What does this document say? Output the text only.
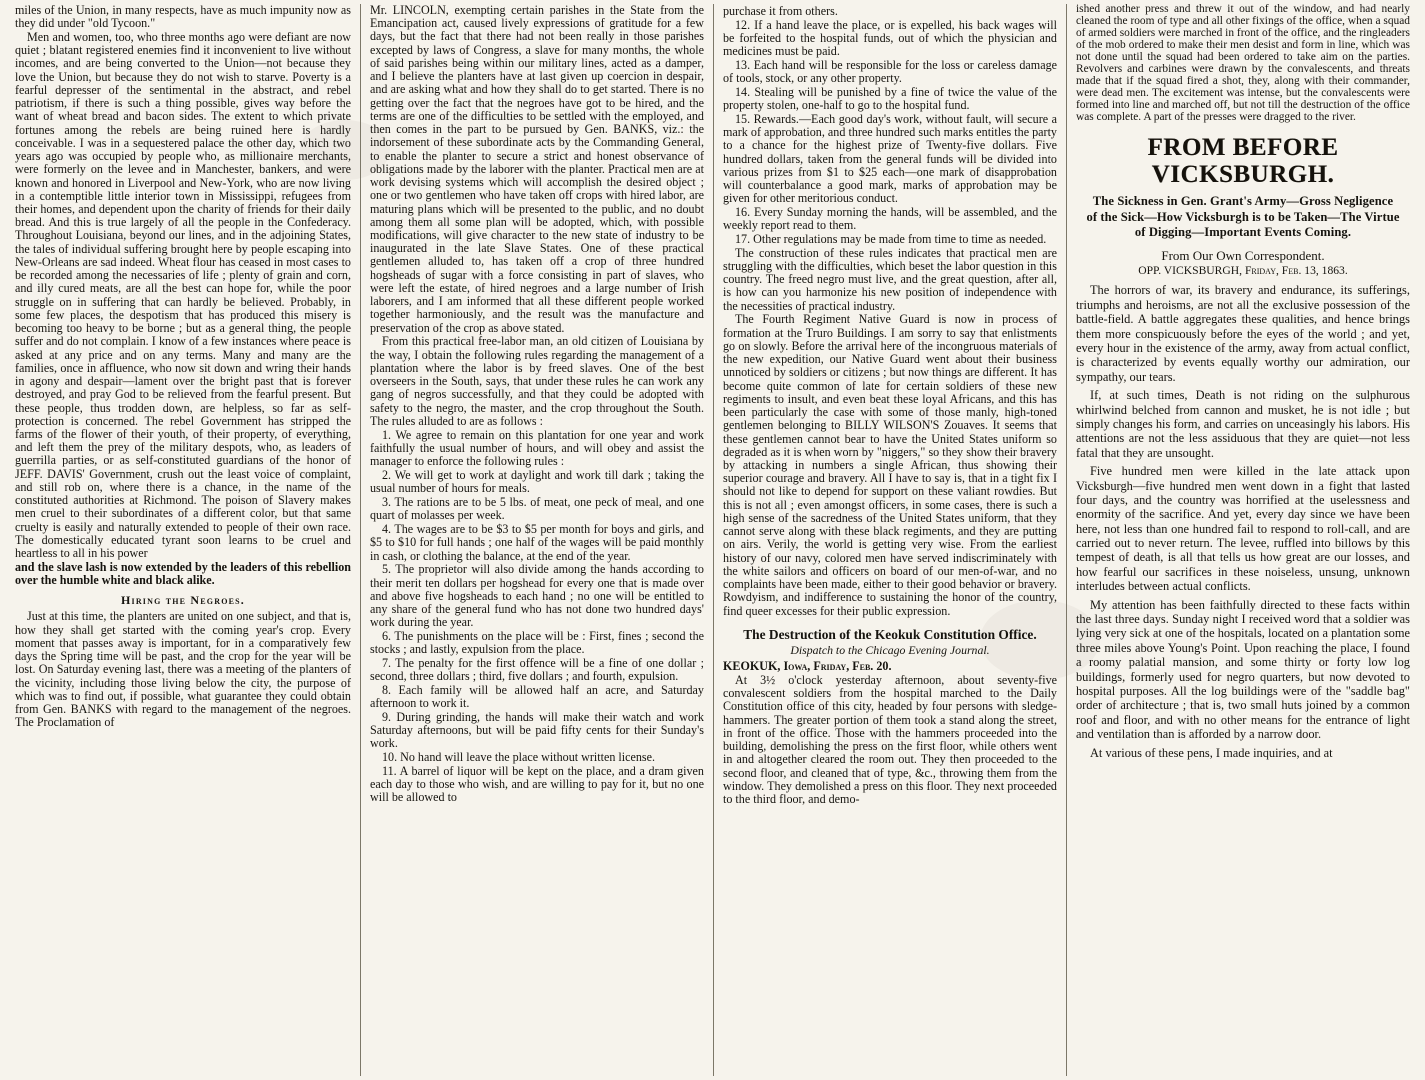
miles of the Union, in many respects, have as much impunity now as they did under "old Tycoon."

Men and women, too, who three months ago were defiant are now quiet ; blatant registered enemies find it inconvenient to live without incomes, and are being converted to the Union—not because they love the Union, but because they do not wish to starve. Poverty is a fearful depresser of the sentimental in the abstract, and rebel patriotism, if there is such a thing possible, gives way before the want of wheat bread and bacon sides. The extent to which private fortunes among the rebels are being ruined here is hardly conceivable. I was in a sequestered palace the other day, which two years ago was occupied by people who, as millionaire merchants, were formerly on the levee and in Manchester, bankers, and were known and honored in Liverpool and New-York, who are now living in a contemptible little interior town in Mississippi, refugees from their homes, and dependent upon the charity of friends for their daily bread. And this is true largely of all the people in the Confederacy. Throughout Louisiana, beyond our lines, and in the adjoining States, the tales of individual suffering brought here by people escaping into New-Orleans are sad indeed. Wheat flour has ceased in most cases to be recorded among the necessaries of life ; plenty of grain and corn, and illy cured meats, are all the best can hope for, while the poor struggle on in suffering that can hardly be believed. Probably, in some few places, the despotism that has produced this misery is becoming too heavy to be borne ; but as a general thing, the people suffer and do not complain. I know of a few instances where peace is asked at any price and on any terms. Many and many are the families, once in affluence, who now sit down and wring their hands in agony and despair—lament over the bright past that is forever destroyed, and pray God to be relieved from the fearful present. But these people, thus trodden down, are helpless, so far as self-protection is concerned. The rebel Government has stripped the farms of the flower of their youth, of their property, of everything, and left them the prey of the military despots, who, as leaders of guerrilla parties, or as self-constituted guardians of the honor of JEFF. DAVIS' Government, crush out the least voice of complaint, and still rob on, where there is a chance, in the name of the constituted authorities at Richmond. The poison of Slavery makes men cruel to their subordinates of a different color, but that same cruelty is easily and naturally extended to people of their own race. The domestically educated tyrant soon learns to be cruel and heartless to all in his power

and the slave lash is now extended by the leaders of this rebellion over the humble white and black alike.

Hiring the Negroes.

Just at this time, the planters are united on one subject, and that is, how they shall get started with the coming year's crop. Every moment that passes away is important, for in a comparatively few days the Spring time will be past, and the crop for the year will be lost. On Saturday evening last, there was a meeting of the planters of the vicinity, including those living below the city, the purpose of which was to find out, if possible, what guarantee they could obtain from Gen. BANKS with regard to the management of the negroes. The Proclamation of

Mr. LINCOLN, exempting certain parishes in the State from the Emancipation act, caused lively expressions of gratitude for a few days, but the fact that there had not been really in those parishes excepted by laws of Congress, a slave for many months, the whole of said parishes being within our military lines, acted as a damper, and I believe the planters have at last given up coercion in despair, and are asking what and how they shall do to get started. There is no getting over the fact that the negroes have got to be hired, and the terms are one of the difficulties to be settled with the employed, and then comes in the part to be pursued by Gen. BANKS, viz.: the indorsement of these subordinate acts by the Commanding General, to enable the planter to secure a strict and honest observance of obligations made by the laborer with the planter. Practical men are at work devising systems which will accomplish the desired object ; one or two gentlemen who have taken off crops with hired labor, are maturing plans which will be presented to the public, and no doubt among them all some plan will be adopted, which, with possible modifications, will give character to the new state of industry to be inaugurated in the late Slave States. One of these practical gentlemen alluded to, has taken off a crop of three hundred hogsheads of sugar with a force consisting in part of slaves, who were left the estate, of hired negroes and a large number of Irish laborers, and I am informed that all these different people worked together harmoniously, and the result was the manufacture and preservation of the crop as above stated.

From this practical free-labor man, an old citizen of Louisiana by the way, I obtain the following rules regarding the management of a plantation where the labor is by freed slaves. One of the best overseers in the South, says, that under these rules he can work any gang of negros successfully, and that they could be adopted with safety to the negro, the master, and the crop throughout the South. The rules alluded to are as follows :

1. We agree to remain on this plantation for one year and work faithfully the usual number of hours, and will obey and assist the manager to enforce the following rules :
2. We will get to work at daylight and work till dark ; taking the usual number of hours for meals.
3. The rations are to be 5 lbs. of meat, one peck of meal, and one quart of molasses per week.
4. The wages are to be $3 to $5 per month for boys and girls, and $5 to $10 for full hands ; one half of the wages will be paid monthly in cash, or clothing the balance, at the end of the year.
5. The proprietor will also divide among the hands according to their merit ten dollars per hogshead for every one that is made over and above five hogsheads to each hand ; no one will be entitled to any share of the general fund who has not done two hundred days' work during the year.
6. The punishments on the place will be : First, fines ; second the stocks ; and lastly, expulsion from the place.
7. The penalty for the first offence will be a fine of one dollar ; second, three dollars ; third, five dollars ; and fourth, expulsion.
8. Each family will be allowed half an acre, and Saturday afternoon to work it.
9. During grinding, the hands will make their watch and work Saturday afternoons, but will be paid fifty cents for their Sunday's work.
10. No hand will leave the place without written license.
11. A barrel of liquor will be kept on the place, and a dram given each day to those who wish, and are willing to pay for it, but no one will be allowed to
purchase it from others.
12. If a hand leave the place, or is expelled, his back wages will be forfeited to the hospital funds, out of which the physician and medicines must be paid.
13. Each hand will be responsible for the loss or careless damage of tools, stock, or any other property.
14. Stealing will be punished by a fine of twice the value of the property stolen, one-half to go to the hospital fund.
15. Rewards.—Each good day's work, without fault, will secure a mark of approbation, and three hundred such marks entitles the party to a chance for the highest prize of Twenty-five dollars. Five hundred dollars, taken from the general funds will be divided into various prizes from $1 to $25 each—one mark of disapprobation will counterbalance a good mark, marks of approbation may be given for other meritorious conduct.
16. Every Sunday morning the hands, will be assembled, and the weekly report read to them.
17. Other regulations may be made from time to time as needed.

The construction of these rules indicates that practical men are struggling with the difficulties, which beset the labor question in this country. The freed negro must live, and the great question, after all, is how can you harmonize his new position of independence with the necessities of practical industry.

The Fourth Regiment Native Guard is now in process of formation at the Truro Buildings. I am sorry to say that enlistments go on slowly. Before the arrival here of the incongruous materials of the new expedition, our Native Guard went about their business unnoticed by soldiers or citizens ; but now things are different. It has become quite common of late for certain soldiers of these new regiments to insult, and even beat these loyal Africans, and this has been particularly the case with some of those manly, high-toned gentlemen belonging to BILLY WILSON'S Zouaves. It seems that these gentlemen cannot bear to have the United States uniform so degraded as it is when worn by "niggers," so they show their bravery by attacking in numbers a single African, thus showing their superior courage and bravery. All I have to say is, that in a tight fix I should not like to depend for support on these valiant rowdies. But this is not all ; even amongst officers, in some cases, there is such a high sense of the sacredness of the United States uniform, that they cannot serve along with these black regiments, and they are putting on airs. Verily, the world is getting very wise. From the earliest history of our navy, colored men have served indiscriminately with the white sailors and officers on board of our men-of-war, and no complaints have been made, either to their good behavior or bravery. Rowdyism, and indifference to sustaining the honor of the country, find queer excesses for their public expression.

The Destruction of the Keokuk Constitution Office.
Dispatch to the Chicago Evening Journal.

KEOKUK, Iowa, Friday, Feb. 20.

At 3½ o'clock yesterday afternoon, about seventy-five convalescent soldiers from the hospital marched to the Daily Constitution office of this city, headed by four persons with sledge-hammers. The greater portion of them took a stand along the street, in front of the office. Those with the hammers proceeded into the building, demolishing the press on the first floor, while others went in and altogether cleared the room out. They then proceeded to the second floor, and cleaned that of type, &c., throwing them from the window. They demolished a press on this floor. They next proceeded to the third floor, and demo-

ished another press and threw it out of the window, and had nearly cleaned the room of type and all other fixings of the office, when a squad of armed soldiers were marched in front of the office, and the ringleaders of the mob ordered to make their men desist and form in line, which was not done until the squad had been ordered to take aim on the parties. Revolvers and carbines were drawn by the convalescents, and threats made that if the squad fired a shot, they, along with their commander, were dead men. The excitement was intense, but the convalescents were formed into line and marched off, but not till the destruction of the office was complete. A part of the presses were dragged to the river.

FROM BEFORE VICKSBURGH.
The Sickness in Gen. Grant's Army—Gross Negligence of the Sick—How Vicksburgh is to be Taken—The Virtue of Digging—Important Events Coming.
From Our Own Correspondent.
OPP. VICKSBURGH, Friday, Feb. 13, 1863.

The horrors of war, its bravery and endurance, its sufferings, triumphs and heroisms, are not all the exclusive possession of the battle-field. A battle aggregates these qualities, and hence brings them more conspicuously before the eyes of the world ; and yet, every hour in the existence of the army, away from actual conflict, is characterized by events equally worthy our admiration, our sympathy, our tears.

If, at such times, Death is not riding on the sulphurous whirlwind belched from cannon and musket, he is not idle ; but simply changes his form, and carries on unceasingly his labors. His attentions are not the less assiduous that they are quiet—not less fatal that they are unsought.

Five hundred men were killed in the late attack upon Vicksburgh—five hundred men went down in a fight that lasted four days, and the country was horrified at the uselessness and enormity of the sacrifice. And yet, every day since we have been here, not less than one hundred fail to respond to roll-call, and are carried out to never return. The levee, ruffled into billows by this tempest of death, is all that tells us how great are our losses, and how fearful our sacrifices in these noiseless, unsung, unknown interludes between actual conflicts.

My attention has been faithfully directed to these facts within the last three days. Sunday night I received word that a soldier was lying very sick at one of the hospitals, located on a plantation some three miles above Young's Point. Upon reaching the place, I found a roomy palatial mansion, and some thirty or forty low log buildings, formerly used for negro quarters, but now devoted to hospital purposes. All the log buildings were of the "saddle bag" order of architecture ; that is, two small huts joined by a common roof and floor, and with no other means for the entrance of light and ventilation than is afforded by a narrow door.

At various of these pens, I made inquiries, and at
